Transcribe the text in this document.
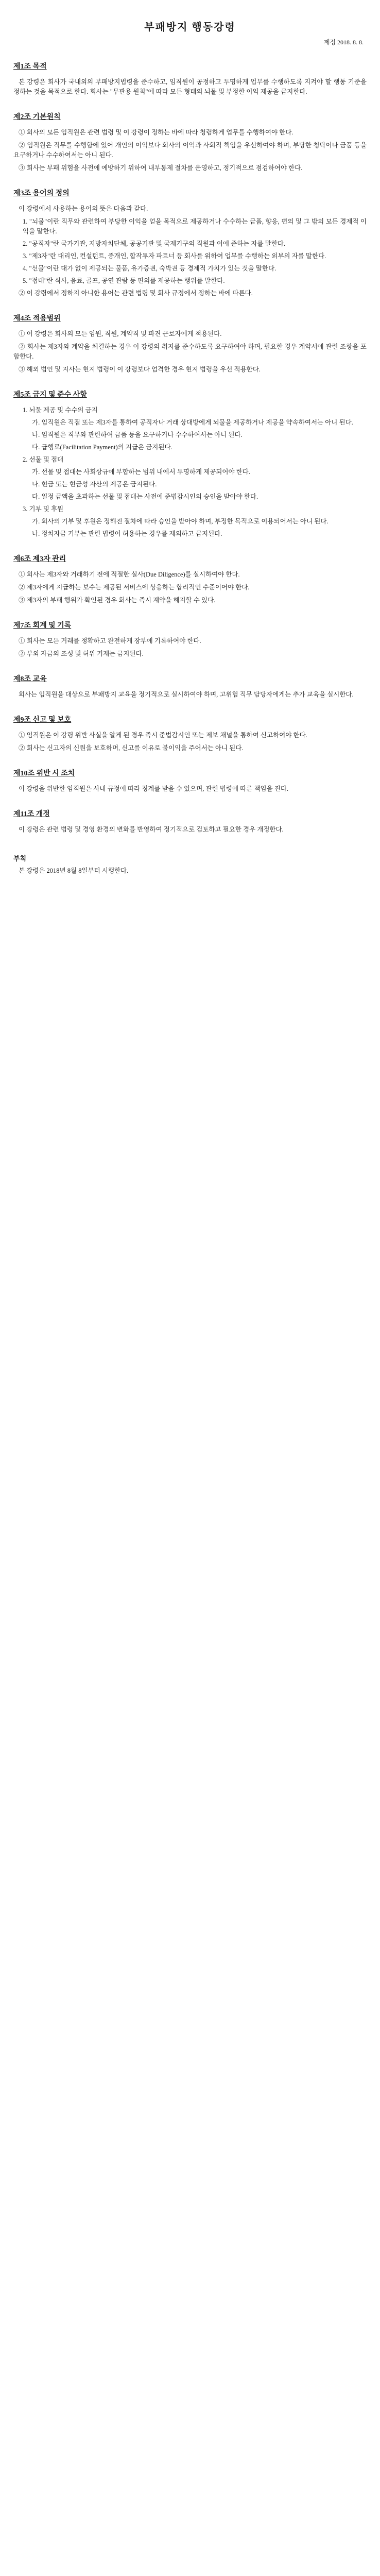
부패방지 행동강령
제정 2018. 8. 8.
제1조 목적

본 강령은 회사가 국내외의 부패방지법령을 준수하고, 임직원이 공정하고 투명하게 업무를 수행하도록 지켜야 할 행동 기준을 정하는 것을 목적으로 한다. 회사는 "무관용 원칙"에 따라 모든 형태의 뇌물 및 부정한 이익 제공을 금지한다.

제2조 기본원칙

① 회사의 모든 임직원은 관련 법령 및 이 강령이 정하는 바에 따라 청렴하게 업무를 수행하여야 한다.

② 임직원은 직무를 수행함에 있어 개인의 이익보다 회사의 이익과 사회적 책임을 우선하여야 하며, 부당한 청탁이나 금품 등을 요구하거나 수수하여서는 아니 된다.

③ 회사는 부패 위험을 사전에 예방하기 위하여 내부통제 절차를 운영하고, 정기적으로 점검하여야 한다.

제3조 용어의 정의

이 강령에서 사용하는 용어의 뜻은 다음과 같다.

1. "뇌물"이란 직무와 관련하여 부당한 이익을 얻을 목적으로 제공하거나 수수하는 금품, 향응, 편의 및 그 밖의 모든 경제적 이익을 말한다.

2. "공직자"란 국가기관, 지방자치단체, 공공기관 및 국제기구의 직원과 이에 준하는 자를 말한다.

3. "제3자"란 대리인, 컨설턴트, 중개인, 합작투자 파트너 등 회사를 위하여 업무를 수행하는 외부의 자를 말한다.

4. "선물"이란 대가 없이 제공되는 물품, 유가증권, 숙박권 등 경제적 가치가 있는 것을 말한다.

5. "접대"란 식사, 음료, 골프, 공연 관람 등 편의를 제공하는 행위를 말한다.

② 이 강령에서 정하지 아니한 용어는 관련 법령 및 회사 규정에서 정하는 바에 따른다.

제4조 적용범위

① 이 강령은 회사의 모든 임원, 직원, 계약직 및 파견 근로자에게 적용된다.

② 회사는 제3자와 계약을 체결하는 경우 이 강령의 취지를 준수하도록 요구하여야 하며, 필요한 경우 계약서에 관련 조항을 포함한다.

③ 해외 법인 및 지사는 현지 법령이 이 강령보다 엄격한 경우 현지 법령을 우선 적용한다.

제5조 금지 및 준수 사항

1. 뇌물 제공 및 수수의 금지

가. 임직원은 직접 또는 제3자를 통하여 공직자나 거래 상대방에게 뇌물을 제공하거나 제공을 약속하여서는 아니 된다.

나. 임직원은 직무와 관련하여 금품 등을 요구하거나 수수하여서는 아니 된다.

다. 급행료(Facilitation Payment)의 지급은 금지된다.

2. 선물 및 접대

가. 선물 및 접대는 사회상규에 부합하는 범위 내에서 투명하게 제공되어야 한다.

나. 현금 또는 현금성 자산의 제공은 금지된다.

다. 일정 금액을 초과하는 선물 및 접대는 사전에 준법감시인의 승인을 받아야 한다.

3. 기부 및 후원

가. 회사의 기부 및 후원은 정해진 절차에 따라 승인을 받아야 하며, 부정한 목적으로 이용되어서는 아니 된다.

나. 정치자금 기부는 관련 법령이 허용하는 경우를 제외하고 금지된다.

제6조 제3자 관리

① 회사는 제3자와 거래하기 전에 적절한 실사(Due Diligence)를 실시하여야 한다.

② 제3자에게 지급하는 보수는 제공된 서비스에 상응하는 합리적인 수준이어야 한다.

③ 제3자의 부패 행위가 확인된 경우 회사는 즉시 계약을 해지할 수 있다.

제7조 회계 및 기록

① 회사는 모든 거래를 정확하고 완전하게 장부에 기록하여야 한다.

② 부외 자금의 조성 및 허위 기재는 금지된다.

제8조 교육

회사는 임직원을 대상으로 부패방지 교육을 정기적으로 실시하여야 하며, 고위험 직무 담당자에게는 추가 교육을 실시한다.

제9조 신고 및 보호

① 임직원은 이 강령 위반 사실을 알게 된 경우 즉시 준법감시인 또는 제보 채널을 통하여 신고하여야 한다.

② 회사는 신고자의 신원을 보호하며, 신고를 이유로 불이익을 주어서는 아니 된다.

제10조 위반 시 조치

이 강령을 위반한 임직원은 사내 규정에 따라 징계를 받을 수 있으며, 관련 법령에 따른 책임을 진다.

제11조 개정

이 강령은 관련 법령 및 경영 환경의 변화를 반영하여 정기적으로 검토하고 필요한 경우 개정한다.

부칙

본 강령은 2018년 8월 8일부터 시행한다.
